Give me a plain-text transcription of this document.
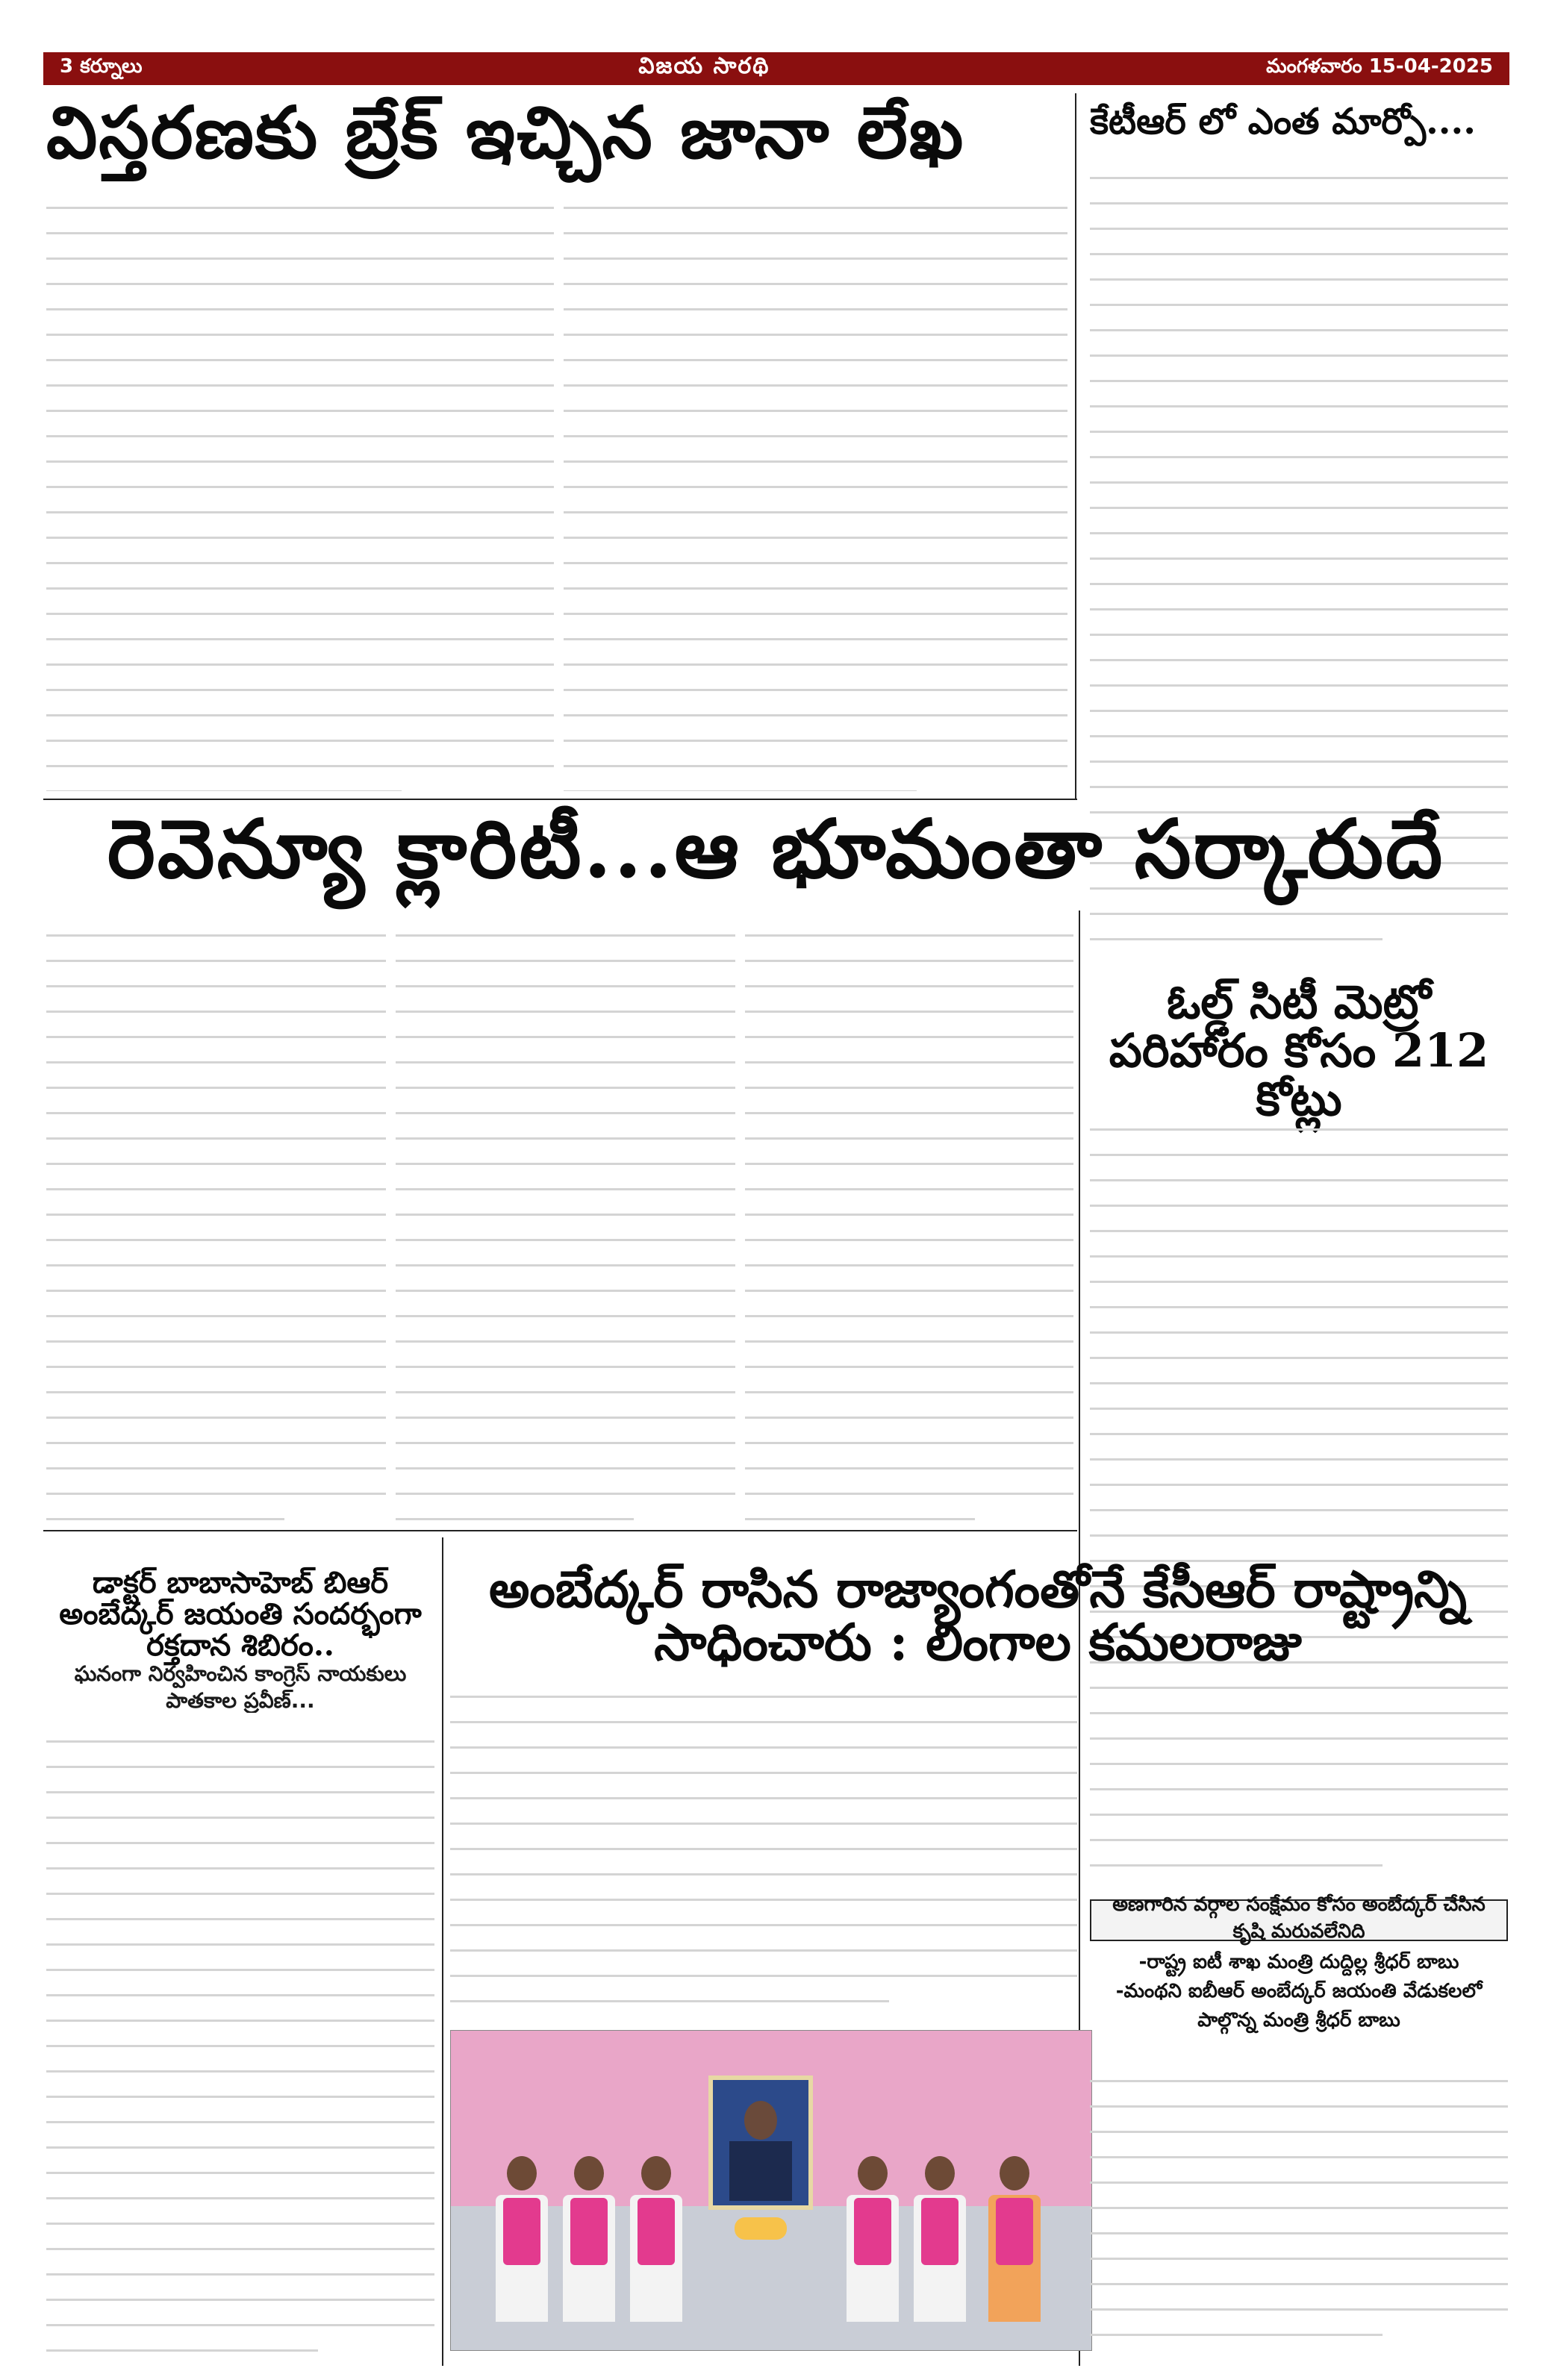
3 కర్నూలు	విజయ సారథి	మంగళవారం 15-04-2025
విస్తరణకు బ్రేక్ ఇచ్చిన జానా లేఖ	కేటీఆర్ లో ఎంత మార్పో....
రెవెన్యూ క్లారిటీ...ఆ భూమంతా సర్కారుదే
ఓల్డ్ సిటీ మెట్రో పరిహారం కోసం 212 కోట్లు
డాక్టర్ బాబాసాహెబ్ బిఆర్ అంబేద్కర్ జయంతి సందర్భంగా రక్తదాన శిబిరం..
ఘనంగా నిర్వహించిన కాంగ్రెస్ నాయకులు పాతకాల ప్రవీణ్...
అంబేద్కర్ రాసిన రాజ్యాంగంతోనే కేసీఆర్ రాష్ట్రాన్ని సాధించారు : లింగాల కమలరాజు
అణగారిన వర్గాల సంక్షేమం కోసం అంబేద్కర్ చేసిన కృషి మరువలేనిది
-రాష్ట్ర ఐటీ శాఖ మంత్రి దుద్దిల్ల శ్రీధర్ బాబు
-మంథని ఐబీఆర్ అంబేద్కర్ జయంతి వేడుకలలో పాల్గొన్న మంత్రి శ్రీధర్ బాబు
